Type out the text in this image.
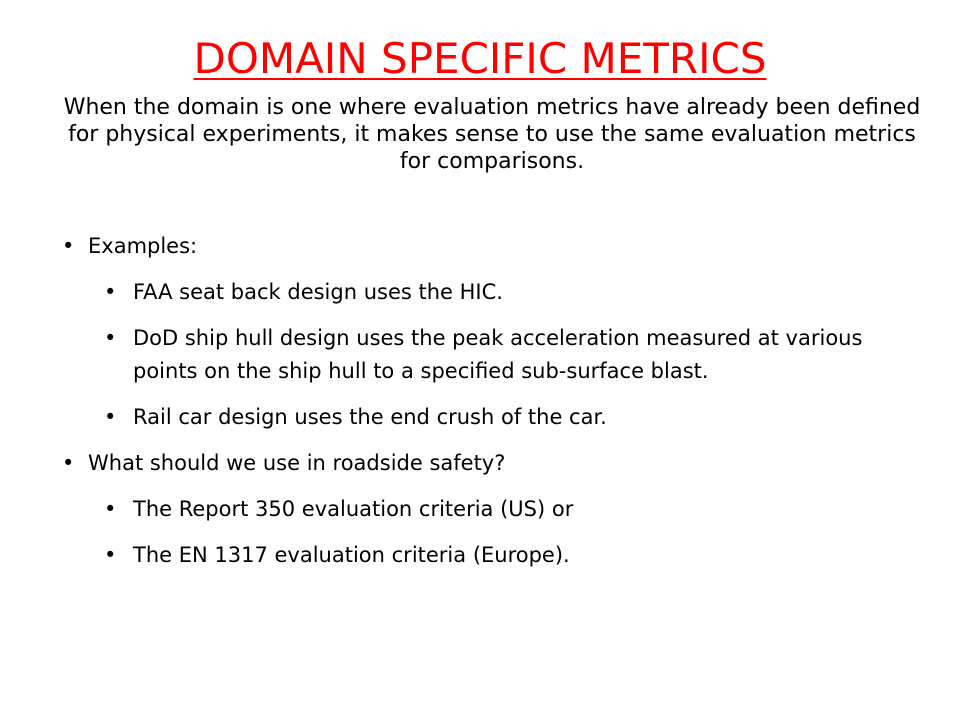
DOMAIN SPECIFIC METRICS

When the domain is one where evaluation metrics have already been defined for physical experiments, it makes sense to use the same evaluation metrics for comparisons.

• Examples:
• FAA seat back design uses the HIC.
• DoD ship hull design uses the peak acceleration measured at various points on the ship hull to a specified sub-surface blast.
• Rail car design uses the end crush of the car.
• What should we use in roadside safety?
• The Report 350 evaluation criteria (US) or
• The EN 1317 evaluation criteria (Europe).
